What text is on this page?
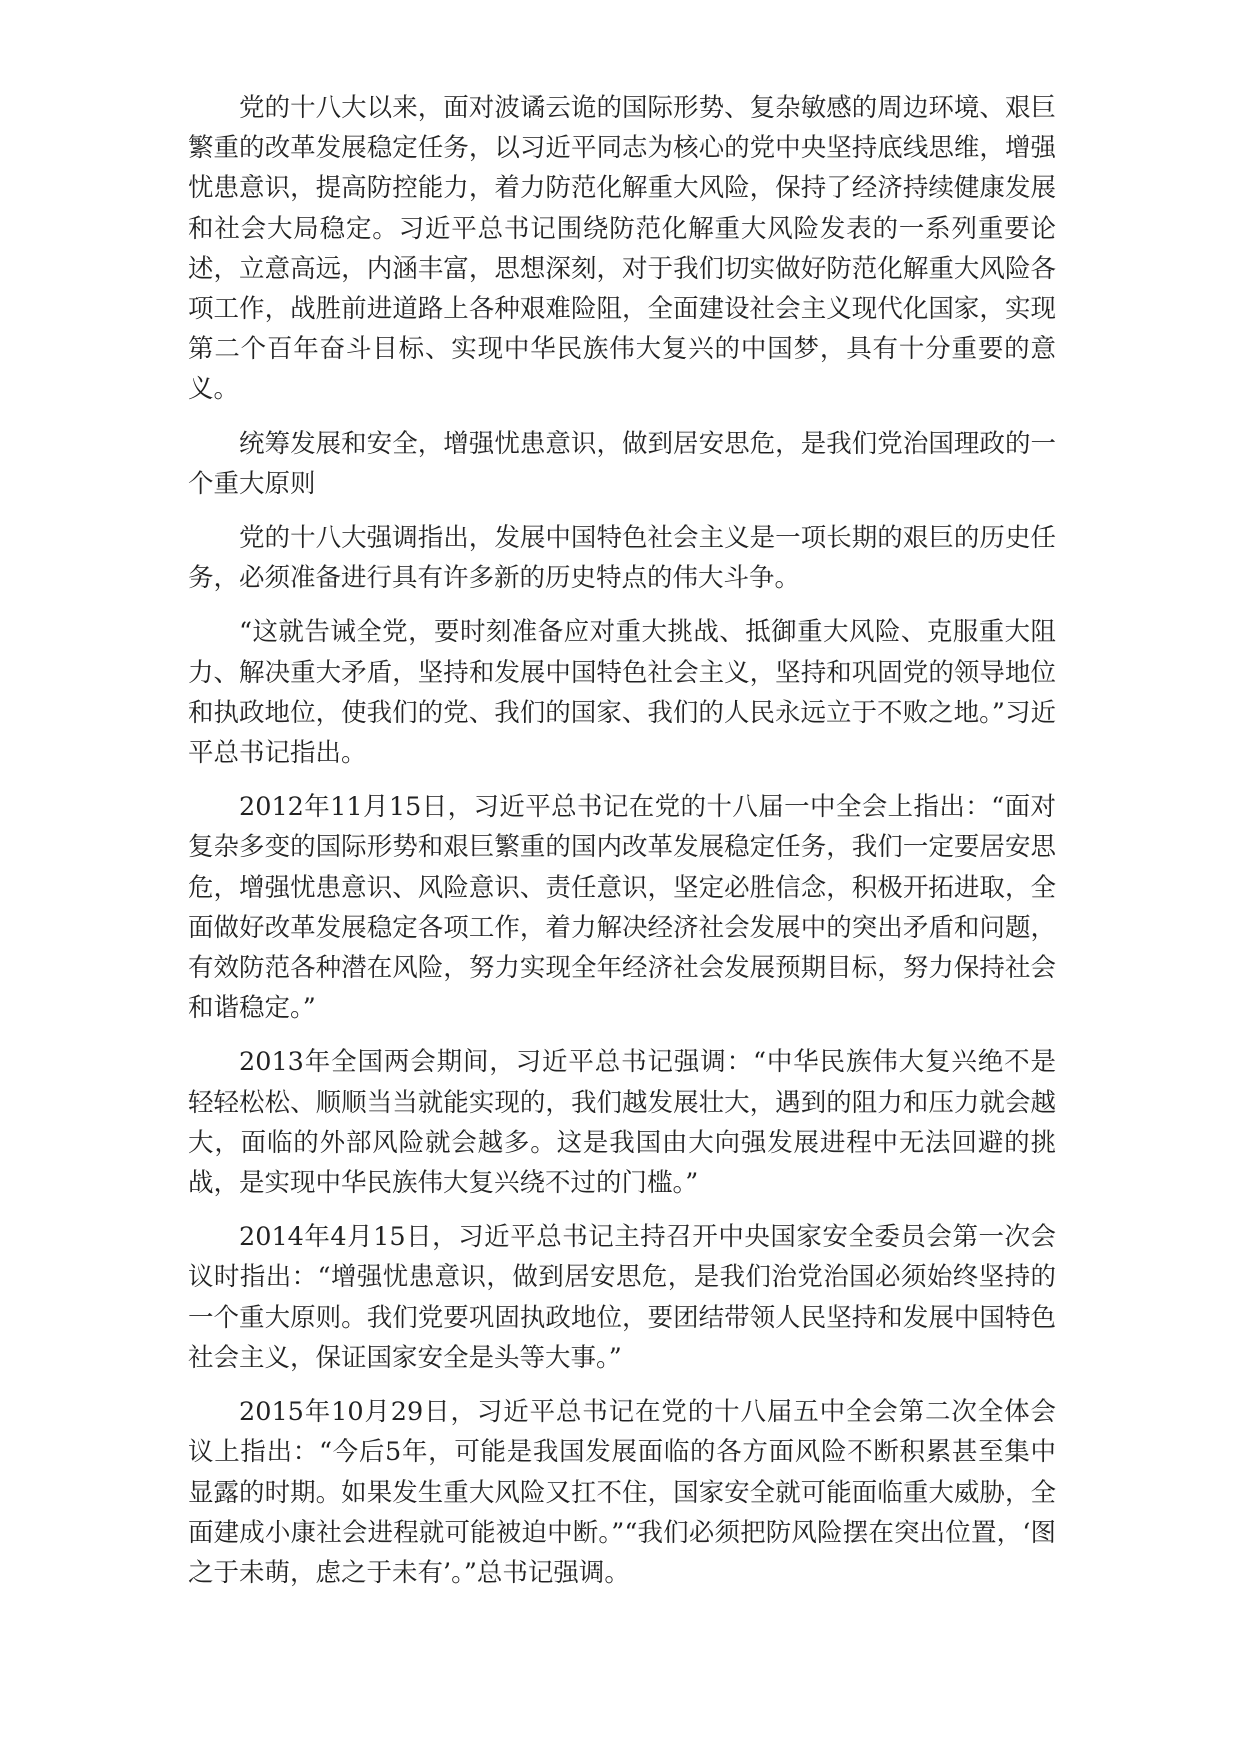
党的十八大以来，面对波谲云诡的国际形势、复杂敏感的周边环境、艰巨繁重的改革发展稳定任务，以习近平同志为核心的党中央坚持底线思维，增强忧患意识，提高防控能力，着力防范化解重大风险，保持了经济持续健康发展和社会大局稳定。习近平总书记围绕防范化解重大风险发表的一系列重要论述，立意高远，内涵丰富，思想深刻，对于我们切实做好防范化解重大风险各项工作，战胜前进道路上各种艰难险阻，全面建设社会主义现代化国家，实现第二个百年奋斗目标、实现中华民族伟大复兴的中国梦，具有十分重要的意义。

统筹发展和安全，增强忧患意识，做到居安思危，是我们党治国理政的一个重大原则

党的十八大强调指出，发展中国特色社会主义是一项长期的艰巨的历史任务，必须准备进行具有许多新的历史特点的伟大斗争。

“这就告诫全党，要时刻准备应对重大挑战、抵御重大风险、克服重大阻力、解决重大矛盾，坚持和发展中国特色社会主义，坚持和巩固党的领导地位和执政地位，使我们的党、我们的国家、我们的人民永远立于不败之地。”习近平总书记指出。

2012年11月15日，习近平总书记在党的十八届一中全会上指出：“面对复杂多变的国际形势和艰巨繁重的国内改革发展稳定任务，我们一定要居安思危，增强忧患意识、风险意识、责任意识，坚定必胜信念，积极开拓进取，全面做好改革发展稳定各项工作，着力解决经济社会发展中的突出矛盾和问题，有效防范各种潜在风险，努力实现全年经济社会发展预期目标，努力保持社会和谐稳定。”

2013年全国两会期间，习近平总书记强调：“中华民族伟大复兴绝不是轻轻松松、顺顺当当就能实现的，我们越发展壮大，遇到的阻力和压力就会越大，面临的外部风险就会越多。这是我国由大向强发展进程中无法回避的挑战，是实现中华民族伟大复兴绕不过的门槛。”

2014年4月15日，习近平总书记主持召开中央国家安全委员会第一次会议时指出：“增强忧患意识，做到居安思危，是我们治党治国必须始终坚持的一个重大原则。我们党要巩固执政地位，要团结带领人民坚持和发展中国特色社会主义，保证国家安全是头等大事。”

2015年10月29日，习近平总书记在党的十八届五中全会第二次全体会议上指出：“今后5年，可能是我国发展面临的各方面风险不断积累甚至集中显露的时期。如果发生重大风险又扛不住，国家安全就可能面临重大威胁，全面建成小康社会进程就可能被迫中断。”“我们必须把防风险摆在突出位置，‘图之于未萌，虑之于未有’。”总书记强调。
